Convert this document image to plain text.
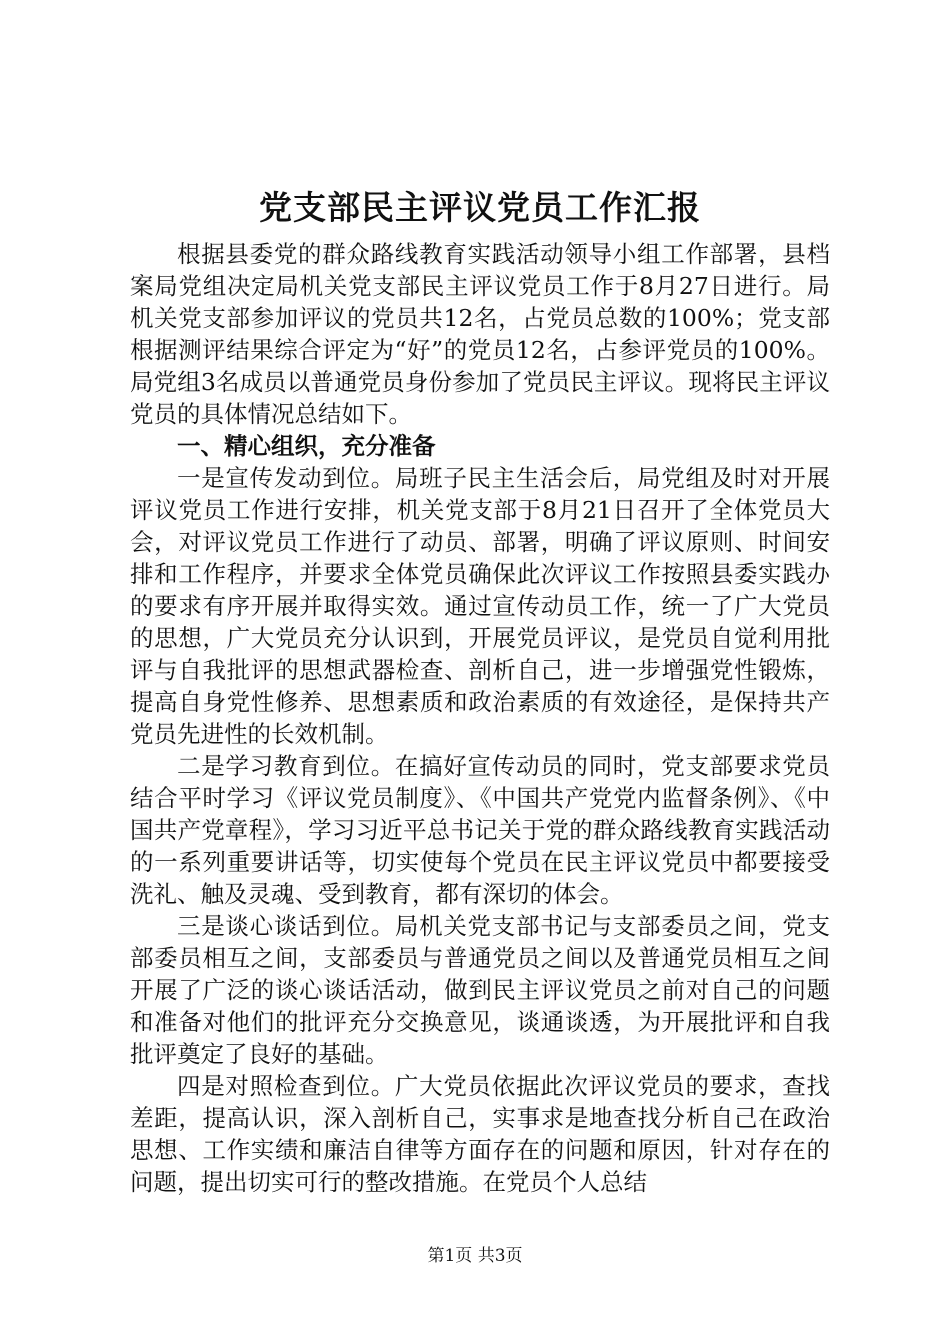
党支部民主评议党员工作汇报

根据县委党的群众路线教育实践活动领导小组工作部署，县档案局党组决定局机关党支部民主评议党员工作于8月27日进行。局机关党支部参加评议的党员共12名，占党员总数的100%；党支部根据测评结果综合评定为“好”的党员12名，占参评党员的100%。局党组3名成员以普通党员身份参加了党员民主评议。现将民主评议党员的具体情况总结如下。

一、精心组织，充分准备

一是宣传发动到位。局班子民主生活会后，局党组及时对开展评议党员工作进行安排，机关党支部于8月21日召开了全体党员大会，对评议党员工作进行了动员、部署，明确了评议原则、时间安排和工作程序，并要求全体党员确保此次评议工作按照县委实践办的要求有序开展并取得实效。通过宣传动员工作，统一了广大党员的思想，广大党员充分认识到，开展党员评议，是党员自觉利用批评与自我批评的思想武器检查、剖析自己，进一步增强党性锻炼，提高自身党性修养、思想素质和政治素质的有效途径，是保持共产党员先进性的长效机制。

二是学习教育到位。在搞好宣传动员的同时，党支部要求党员结合平时学习《评议党员制度》、《中国共产党党内监督条例》、《中国共产党章程》，学习习近平总书记关于党的群众路线教育实践活动的一系列重要讲话等，切实使每个党员在民主评议党员中都要接受洗礼、触及灵魂、受到教育，都有深切的体会。

三是谈心谈话到位。局机关党支部书记与支部委员之间，党支部委员相互之间，支部委员与普通党员之间以及普通党员相互之间开展了广泛的谈心谈话活动，做到民主评议党员之前对自己的问题和准备对他们的批评充分交换意见，谈通谈透，为开展批评和自我批评奠定了良好的基础。

四是对照检查到位。广大党员依据此次评议党员的要求，查找差距，提高认识，深入剖析自己，实事求是地查找分析自己在政治思想、工作实绩和廉洁自律等方面存在的问题和原因，针对存在的问题，提出切实可行的整改措施。在党员个人总结

第1页 共3页
